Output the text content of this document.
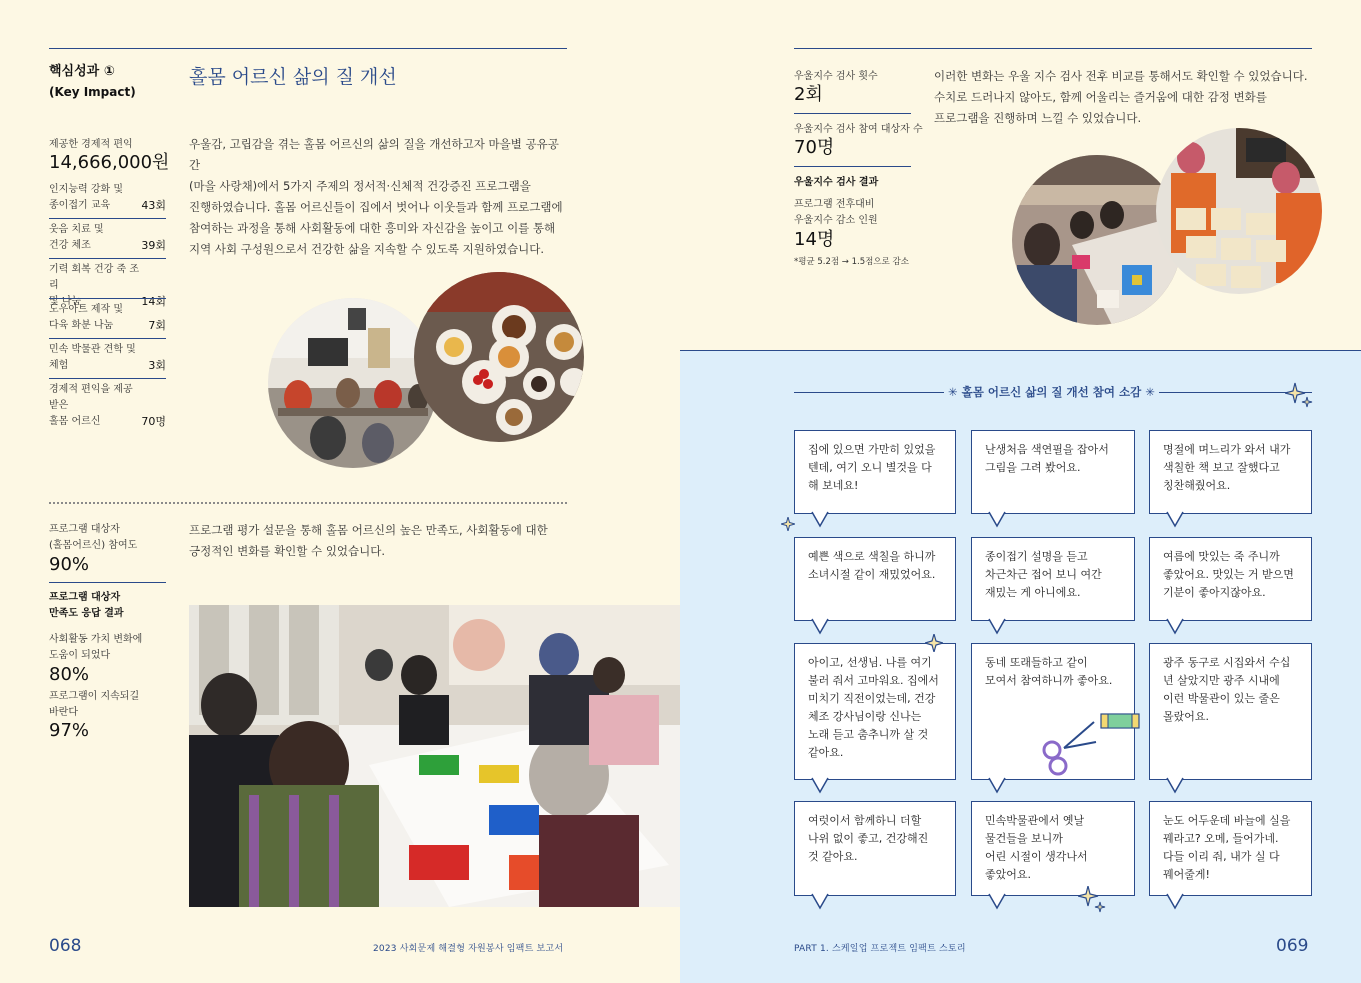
핵심성과 ①
(Key Impact)
홀몸 어르신 삶의 질 개선
제공한 경제적 편익
14,666,000원
인지능력 강화 및
종이접기 교육	43회
웃음 치료 및
건강 체조	39회
기력 회복 건강 죽 조리
및 나눔	14회
도우아트 제작 및
다육 화분 나눔	7회
민속 박물관 견학 및
체험	3회
경제적 편익을 제공받은
홀몸 어르신	70명
우울감, 고립감을 겪는 홀몸 어르신의 삶의 질을 개선하고자 마을별 공유공간
(마을 사랑채)에서 5가지 주제의 정서적·신체적 건강증진 프로그램을
진행하였습니다. 홀몸 어르신들이 집에서 벗어나 이웃들과 함께 프로그램에
참여하는 과정을 통해 사회활동에 대한 흥미와 자신감을 높이고 이를 통해
지역 사회 구성원으로서 건강한 삶을 지속할 수 있도록 지원하였습니다.
프로그램 대상자
(홀몸어르신) 참여도
90%
프로그램 대상자
만족도 응답 결과
사회활동 가치 변화에
도움이 되었다
80%
프로그램이 지속되길
바란다
97%
프로그램 평가 설문을 통해 홀몸 어르신의 높은 만족도, 사회활동에 대한
긍정적인 변화를 확인할 수 있었습니다.
068	2023 사회문제 해결형 자원봉사 임팩트 보고서
우울지수 검사 횟수
2회
우울지수 검사 참여 대상자 수
70명
우울지수 검사 결과
프로그램 전후대비
우울지수 감소 인원
14명
*평균 5.2점 → 1.5점으로 감소
이러한 변화는 우울 지수 검사 전후 비교를 통해서도 확인할 수 있었습니다.
수치로 드러나지 않아도, 함께 어울리는 즐거움에 대한 감정 변화를
프로그램을 진행하며 느낄 수 있었습니다.
✳ 홀몸 어르신 삶의 질 개선 참여 소감 ✳
집에 있으면 가만히 있었을
텐데, 여기 오니 별것을 다
해 보네요!
난생처음 색연필을 잡아서
그림을 그려 봤어요.
명절에 며느리가 와서 내가
색칠한 책 보고 잘했다고
칭찬해줬어요.
예쁜 색으로 색칠을 하니까
소녀시절 같이 재밌었어요.
종이접기 설명을 듣고
차근차근 접어 보니 여간
재밌는 게 아니에요.
여름에 맛있는 죽 주니까
좋았어요. 맛있는 거 받으면
기분이 좋아지잖아요.
아이고, 선생님. 나를 여기
불러 줘서 고마워요. 집에서
미치기 직전이었는데, 건강
체조 강사님이랑 신나는
노래 듣고 춤추니까 살 것
같아요.
동네 또래들하고 같이
모여서 참여하니까 좋아요.
광주 동구로 시집와서 수십
년 살았지만 광주 시내에
이런 박물관이 있는 줄은
몰랐어요.
여럿이서 함께하니 더할
나위 없이 좋고, 건강해진
것 같아요.
민속박물관에서 옛날
물건들을 보니까
어린 시절이 생각나서
좋았어요.
눈도 어두운데 바늘에 실을
꿰라고? 오메, 들어가네.
다들 이리 줘, 내가 실 다
꿰어줄게!
PART 1. 스케일업 프로젝트 임팩트 스토리	069
